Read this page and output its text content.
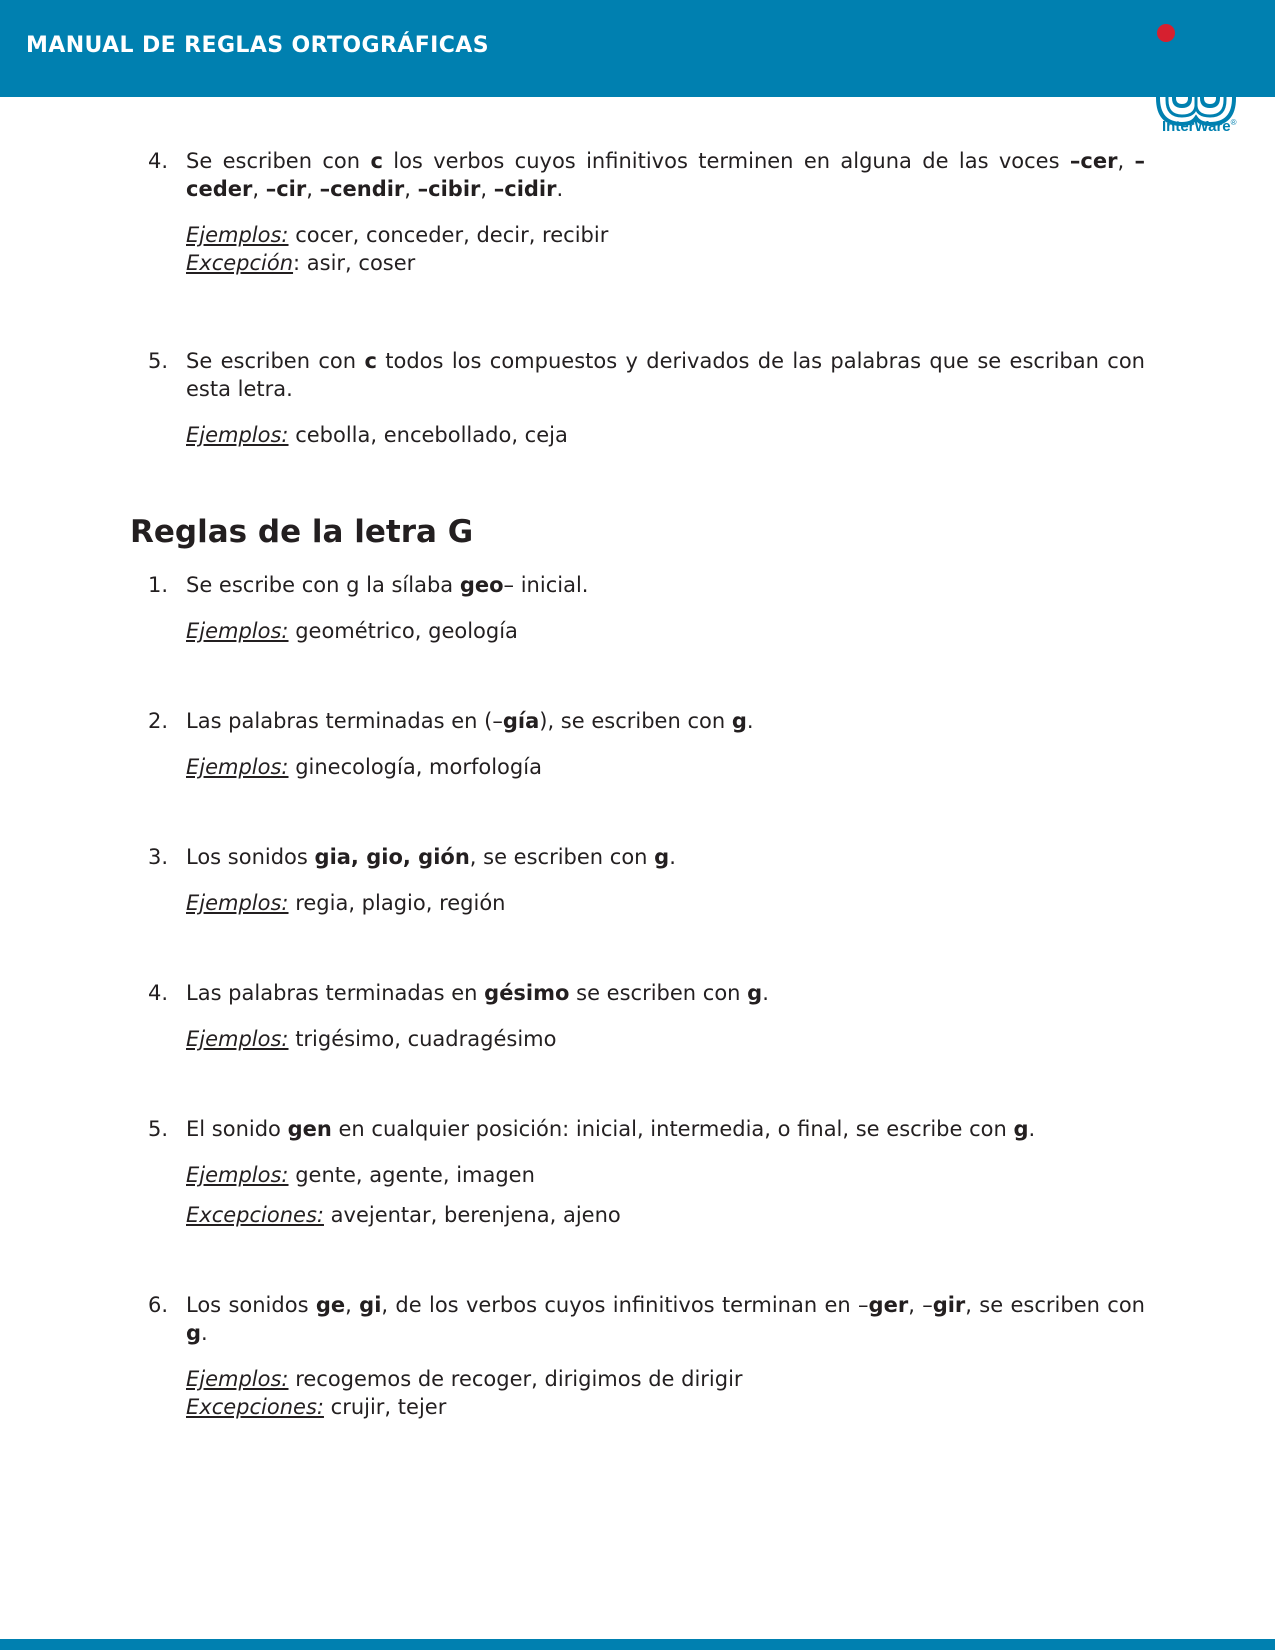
MANUAL DE REGLAS ORTOGRÁFICAS
InterWare®
4. Se escriben con c los verbos cuyos infinitivos terminen en alguna de las voces –cer, –ceder, –cir, –cendir, –cibir, –cidir.
Ejemplos: cocer, conceder, decir, recibir
Excepción: asir, coser
5. Se escriben con c todos los compuestos y derivados de las palabras que se escriban con esta letra.
Ejemplos: cebolla, encebollado, ceja
Reglas de la letra G
1. Se escribe con g la sílaba geo– inicial.
Ejemplos: geométrico, geología
2. Las palabras terminadas en (–gía), se escriben con g.
Ejemplos: ginecología, morfología
3. Los sonidos gia, gio, gión, se escriben con g.
Ejemplos: regia, plagio, región
4. Las palabras terminadas en gésimo se escriben con g.
Ejemplos: trigésimo, cuadragésimo
5. El sonido gen en cualquier posición: inicial, intermedia, o final, se escribe con g.
Ejemplos: gente, agente, imagen
Excepciones: avejentar, berenjena, ajeno
6. Los sonidos ge, gi, de los verbos cuyos infinitivos terminan en –ger, –gir, se escriben con g.
Ejemplos: recogemos de recoger, dirigimos de dirigir
Excepciones: crujir, tejer
